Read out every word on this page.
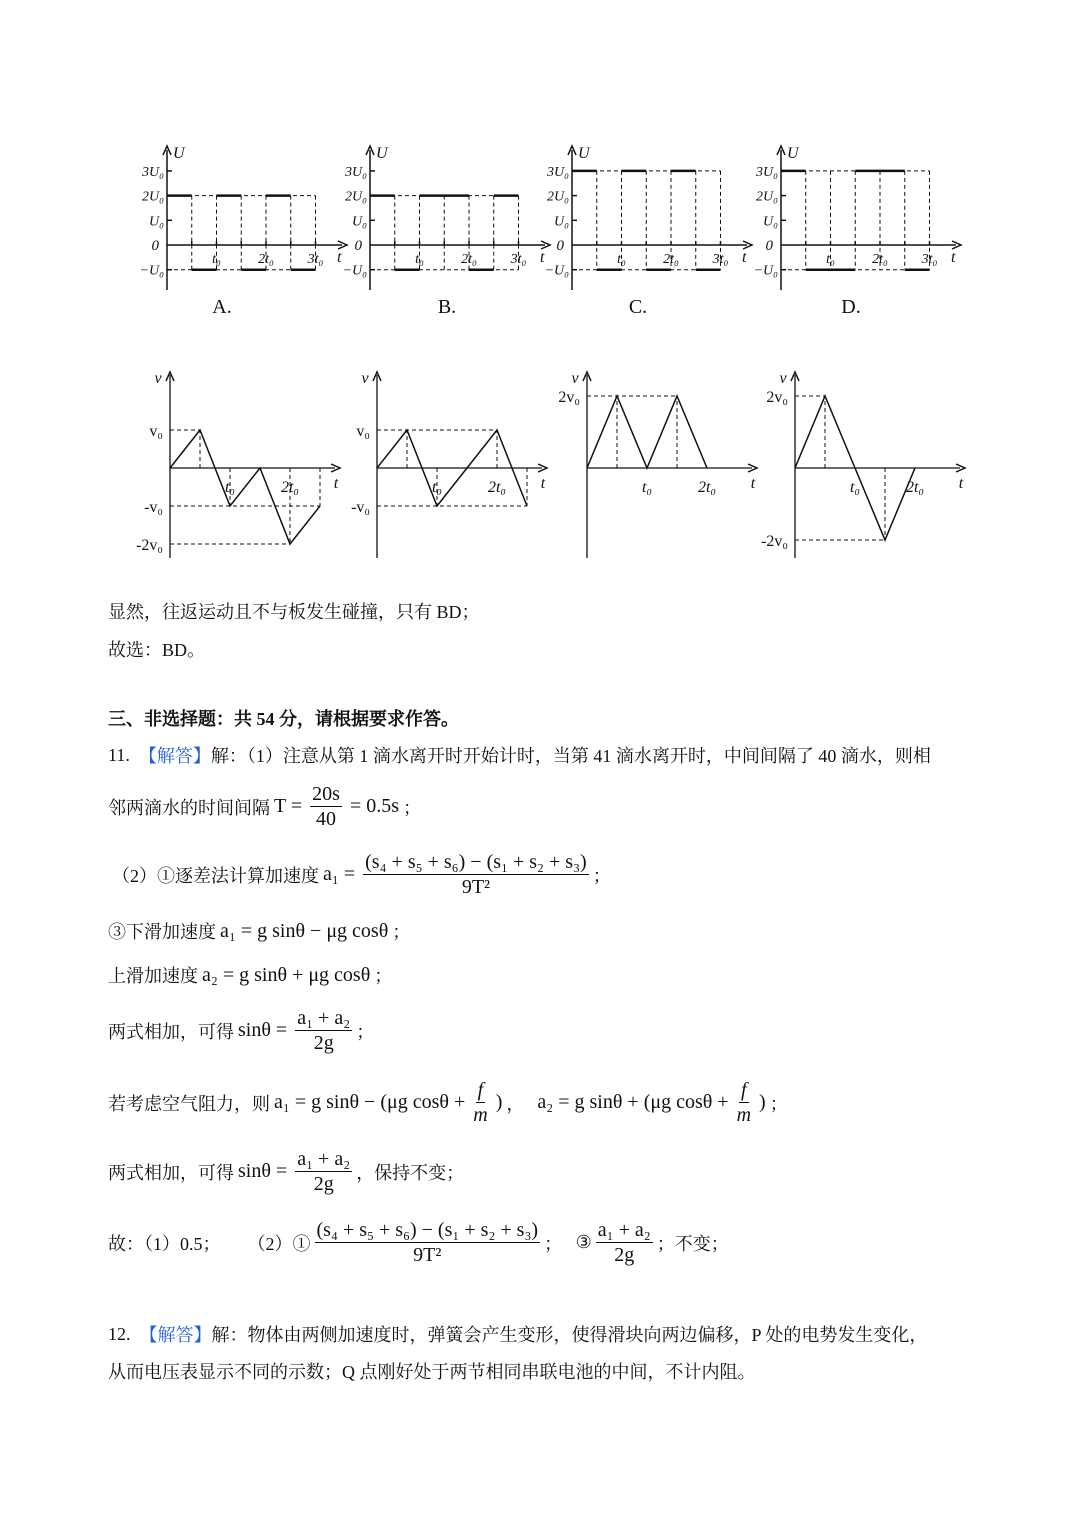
U
t
0
3U₀
2U₀
U₀
−U₀
t₀	2t₀ 3t₀
A.
U
t
0
3U₀
2U₀
U₀
−U₀
t₀	2t₀ 3t₀
B.
U
t
0
3U₀
2U₀
U₀
−U₀
t₀	2t₀ 3t₀
C.
U
t
0
3U₀
2U₀
U₀
−U₀
t₀	2t₀ 3t₀
D.
v
t
v₀
-v₀
-2v₀
t₀	2t₀
v
t
v₀
-v₀
t₀	2t₀
v
t
2v₀
t₀	2t₀
v
t
2v₀
-2v₀
t₀	2t₀
显然，往返运动且不与板发生碰撞，只有 BD；
故选：BD。
三、非选择题：共 54 分，请根据要求作答。
11.
【解答】 解：（1）注意从第 1 滴水离开时开始计时，当第 41 滴水离开时，中间间隔了 40 滴水，则相
邻两滴水的时间间隔 $T = \frac{20s}{40} = 0.5s$ ；
（2）①逐差法计算加速度 $a_1 = \frac{\text{(s₄ + s₅ + s₆) − (s₁ + s₂ + s₃)}}{\text{9T²}}$ ；
③下滑加速度 a₁ = g sinθ − μg cosθ ；
上滑加速度 a₂ = g sinθ + μg cosθ ；
两式相加，可得 $\sin\theta = \frac{\text{a₁ + a₂}}{2g}$ ；
若考虑空气阻力，则 a₁ = g sinθ − (μg $\cos\theta + \frac{f}{m}$ ) ，
a₂ = g sinθ + (μg $\cos\theta + \frac{f}{m}$ ) ；
两式相加，可得 $\sin\theta = \frac{\text{a₁ + a₂}}{2g}$ ，保持不变；
故：（1）0.5；
（2）① $\frac{\text{(s₄ + s₅ + s₆) − (s₁ + s₂ + s₃)}}{\text{9T²}}$ ；
③ $\frac{\text{a₁ + a₂}}{2g}$ ；不变；
12.
【解答】 解：物体由两侧加速度时，弹簧会产生变形，使得滑块向两边偏移，P 处的电势发生变化，
从而电压表显示不同的示数；Q 点刚好处于两节相同串联电池的中间，不计内阻。
